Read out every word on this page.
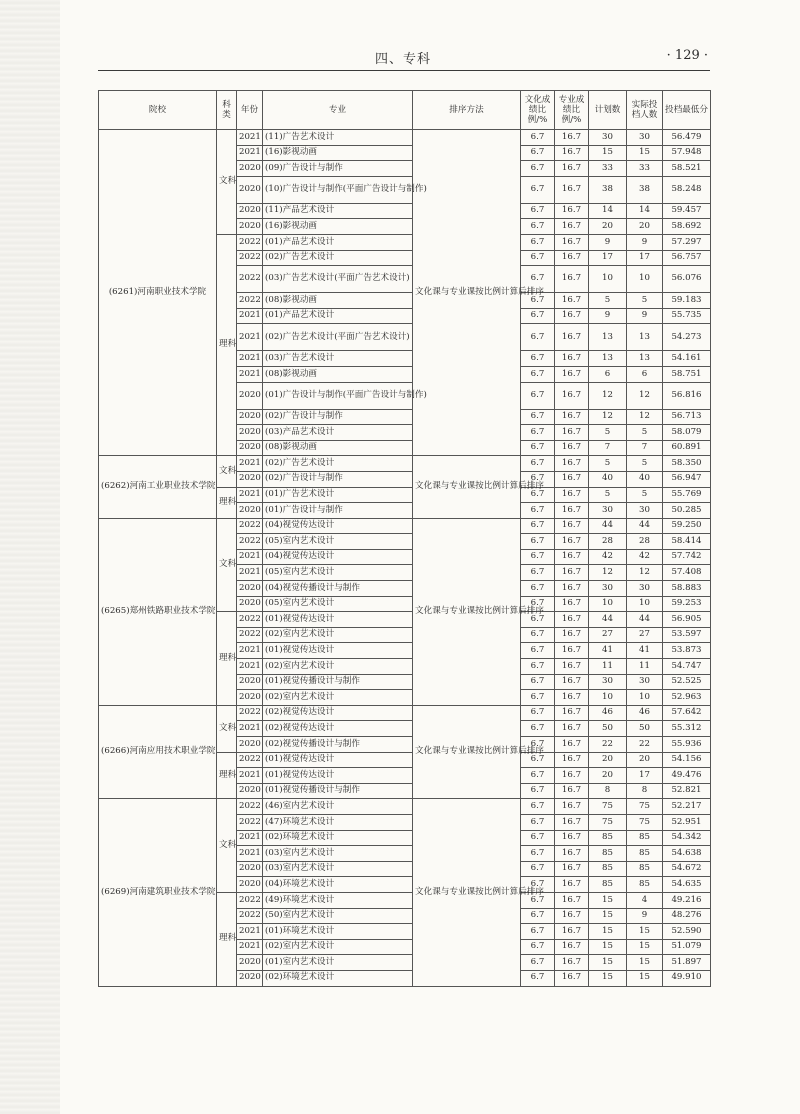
四、专科	· 129 ·
院校	科类	年份	专业	排序方法	文化成绩比例/%	专业成绩比例/%	计划数	实际投档人数	投档最低分
(6261)河南职业技术学院	文科	2021	(11)广告艺术设计	文化课与专业课按比例计算后排序	6.7	16.7	30	30	56.479
		2021	(16)影视动画		6.7	16.7	15	15	57.948
		2020	(09)广告设计与制作		6.7	16.7	33	33	58.521
		2020	(10)广告设计与制作(平面广告设计与制作)		6.7	16.7	38	38	58.248
		2020	(11)产品艺术设计		6.7	16.7	14	14	59.457
		2020	(16)影视动画		6.7	16.7	20	20	58.692
	理科	2022	(01)产品艺术设计		6.7	16.7	9	9	57.297
		2022	(02)广告艺术设计		6.7	16.7	17	17	56.757
		2022	(03)广告艺术设计(平面广告艺术设计)		6.7	16.7	10	10	56.076
		2022	(08)影视动画		6.7	16.7	5	5	59.183
		2021	(01)产品艺术设计		6.7	16.7	9	9	55.735
		2021	(02)广告艺术设计(平面广告艺术设计)		6.7	16.7	13	13	54.273
		2021	(03)广告艺术设计		6.7	16.7	13	13	54.161
		2021	(08)影视动画		6.7	16.7	6	6	58.751
		2020	(01)广告设计与制作(平面广告设计与制作)		6.7	16.7	12	12	56.816
		2020	(02)广告设计与制作		6.7	16.7	12	12	56.713
		2020	(03)产品艺术设计		6.7	16.7	5	5	58.079
		2020	(08)影视动画		6.7	16.7	7	7	60.891
(6262)河南工业职业技术学院	文科	2021	(02)广告艺术设计	文化课与专业课按比例计算后排序	6.7	16.7	5	5	58.350
		2020	(02)广告设计与制作		6.7	16.7	40	40	56.947
	理科	2021	(01)广告艺术设计		6.7	16.7	5	5	55.769
		2020	(01)广告设计与制作		6.7	16.7	30	30	50.285
(6265)郑州铁路职业技术学院	文科	2022	(04)视觉传达设计	文化课与专业课按比例计算后排序	6.7	16.7	44	44	59.250
		2022	(05)室内艺术设计		6.7	16.7	28	28	58.414
		2021	(04)视觉传达设计		6.7	16.7	42	42	57.742
		2021	(05)室内艺术设计		6.7	16.7	12	12	57.408
		2020	(04)视觉传播设计与制作		6.7	16.7	30	30	58.883
		2020	(05)室内艺术设计		6.7	16.7	10	10	59.253
	理科	2022	(01)视觉传达设计		6.7	16.7	44	44	56.905
		2022	(02)室内艺术设计		6.7	16.7	27	27	53.597
		2021	(01)视觉传达设计		6.7	16.7	41	41	53.873
		2021	(02)室内艺术设计		6.7	16.7	11	11	54.747
		2020	(01)视觉传播设计与制作		6.7	16.7	30	30	52.525
		2020	(02)室内艺术设计		6.7	16.7	10	10	52.963
(6266)河南应用技术职业学院	文科	2022	(02)视觉传达设计	文化课与专业课按比例计算后排序	6.7	16.7	46	46	57.642
		2021	(02)视觉传达设计		6.7	16.7	50	50	55.312
		2020	(02)视觉传播设计与制作		6.7	16.7	22	22	55.936
	理科	2022	(01)视觉传达设计		6.7	16.7	20	20	54.156
		2021	(01)视觉传达设计		6.7	16.7	20	17	49.476
		2020	(01)视觉传播设计与制作		6.7	16.7	8	8	52.821
(6269)河南建筑职业技术学院	文科	2022	(46)室内艺术设计	文化课与专业课按比例计算后排序	6.7	16.7	75	75	52.217
		2022	(47)环境艺术设计		6.7	16.7	75	75	52.951
		2021	(02)环境艺术设计		6.7	16.7	85	85	54.342
		2021	(03)室内艺术设计		6.7	16.7	85	85	54.638
		2020	(03)室内艺术设计		6.7	16.7	85	85	54.672
		2020	(04)环境艺术设计		6.7	16.7	85	85	54.635
	理科	2022	(49)环境艺术设计		6.7	16.7	15	4	49.216
		2022	(50)室内艺术设计		6.7	16.7	15	9	48.276
		2021	(01)环境艺术设计		6.7	16.7	15	15	52.590
		2021	(02)室内艺术设计		6.7	16.7	15	15	51.079
		2020	(01)室内艺术设计		6.7	16.7	15	15	51.897
		2020	(02)环境艺术设计		6.7	16.7	15	15	49.910
